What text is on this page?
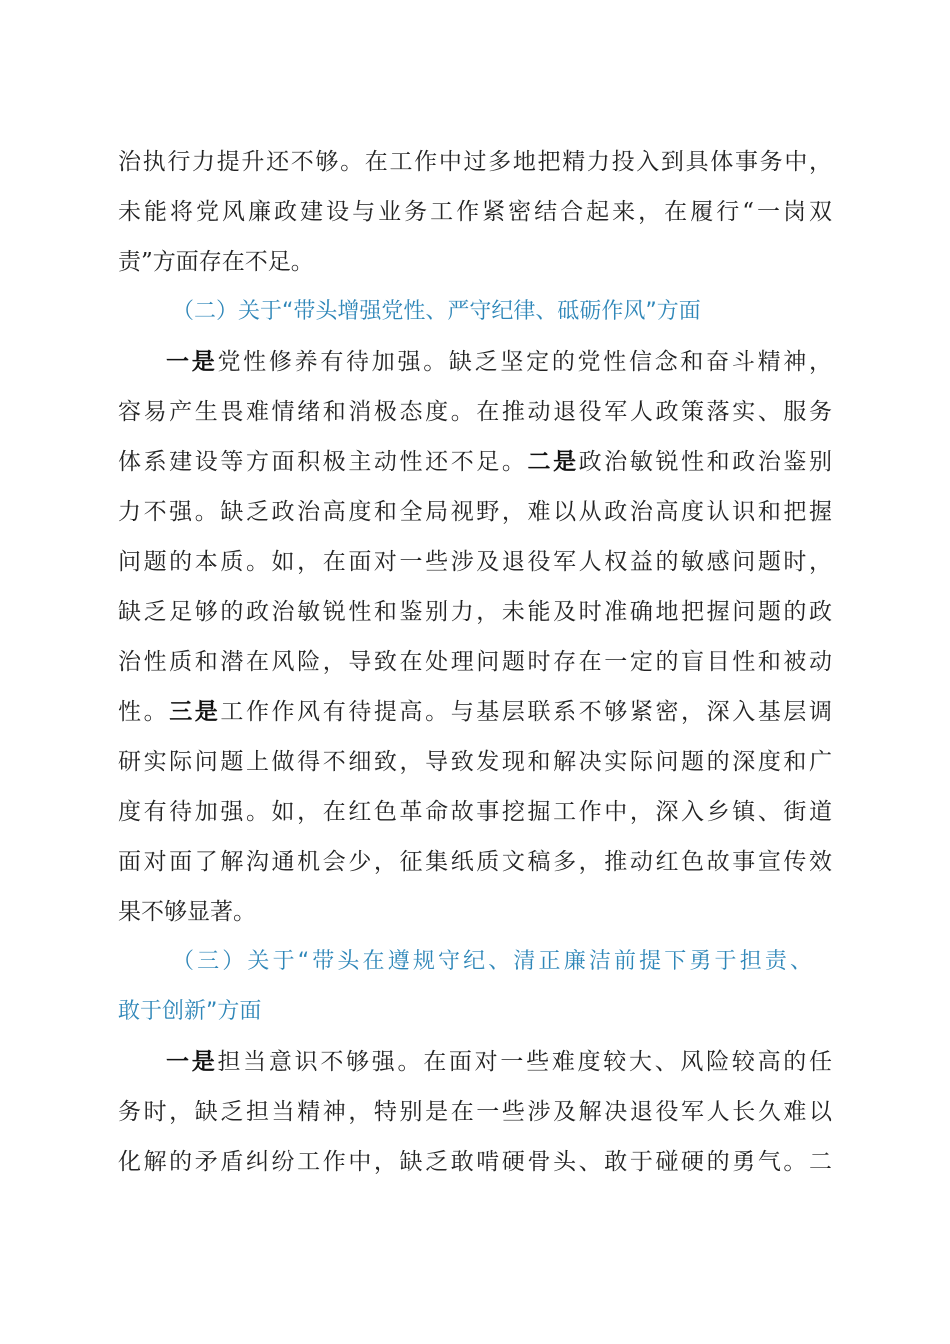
治执行力提升还不够。在工作中过多地把精力投入到具体事务中，
未能将党风廉政建设与业务工作紧密结合起来，在履行“一岗双
责”方面存在不足。
（二）关于“带头增强党性、严守纪律、砥砺作风”方面
一是党性修养有待加强。缺乏坚定的党性信念和奋斗精神，
容易产生畏难情绪和消极态度。在推动退役军人政策落实、服务
体系建设等方面积极主动性还不足。二是政治敏锐性和政治鉴别
力不强。缺乏政治高度和全局视野，难以从政治高度认识和把握
问题的本质。如，在面对一些涉及退役军人权益的敏感问题时，
缺乏足够的政治敏锐性和鉴别力，未能及时准确地把握问题的政
治性质和潜在风险，导致在处理问题时存在一定的盲目性和被动
性。三是工作作风有待提高。与基层联系不够紧密，深入基层调
研实际问题上做得不细致，导致发现和解决实际问题的深度和广
度有待加强。如，在红色革命故事挖掘工作中，深入乡镇、街道
面对面了解沟通机会少，征集纸质文稿多，推动红色故事宣传效
果不够显著。
（三）关于“带头在遵规守纪、清正廉洁前提下勇于担责、
敢于创新”方面
一是担当意识不够强。在面对一些难度较大、风险较高的任
务时，缺乏担当精神，特别是在一些涉及解决退役军人长久难以
化解的矛盾纠纷工作中，缺乏敢啃硬骨头、敢于碰硬的勇气。二
